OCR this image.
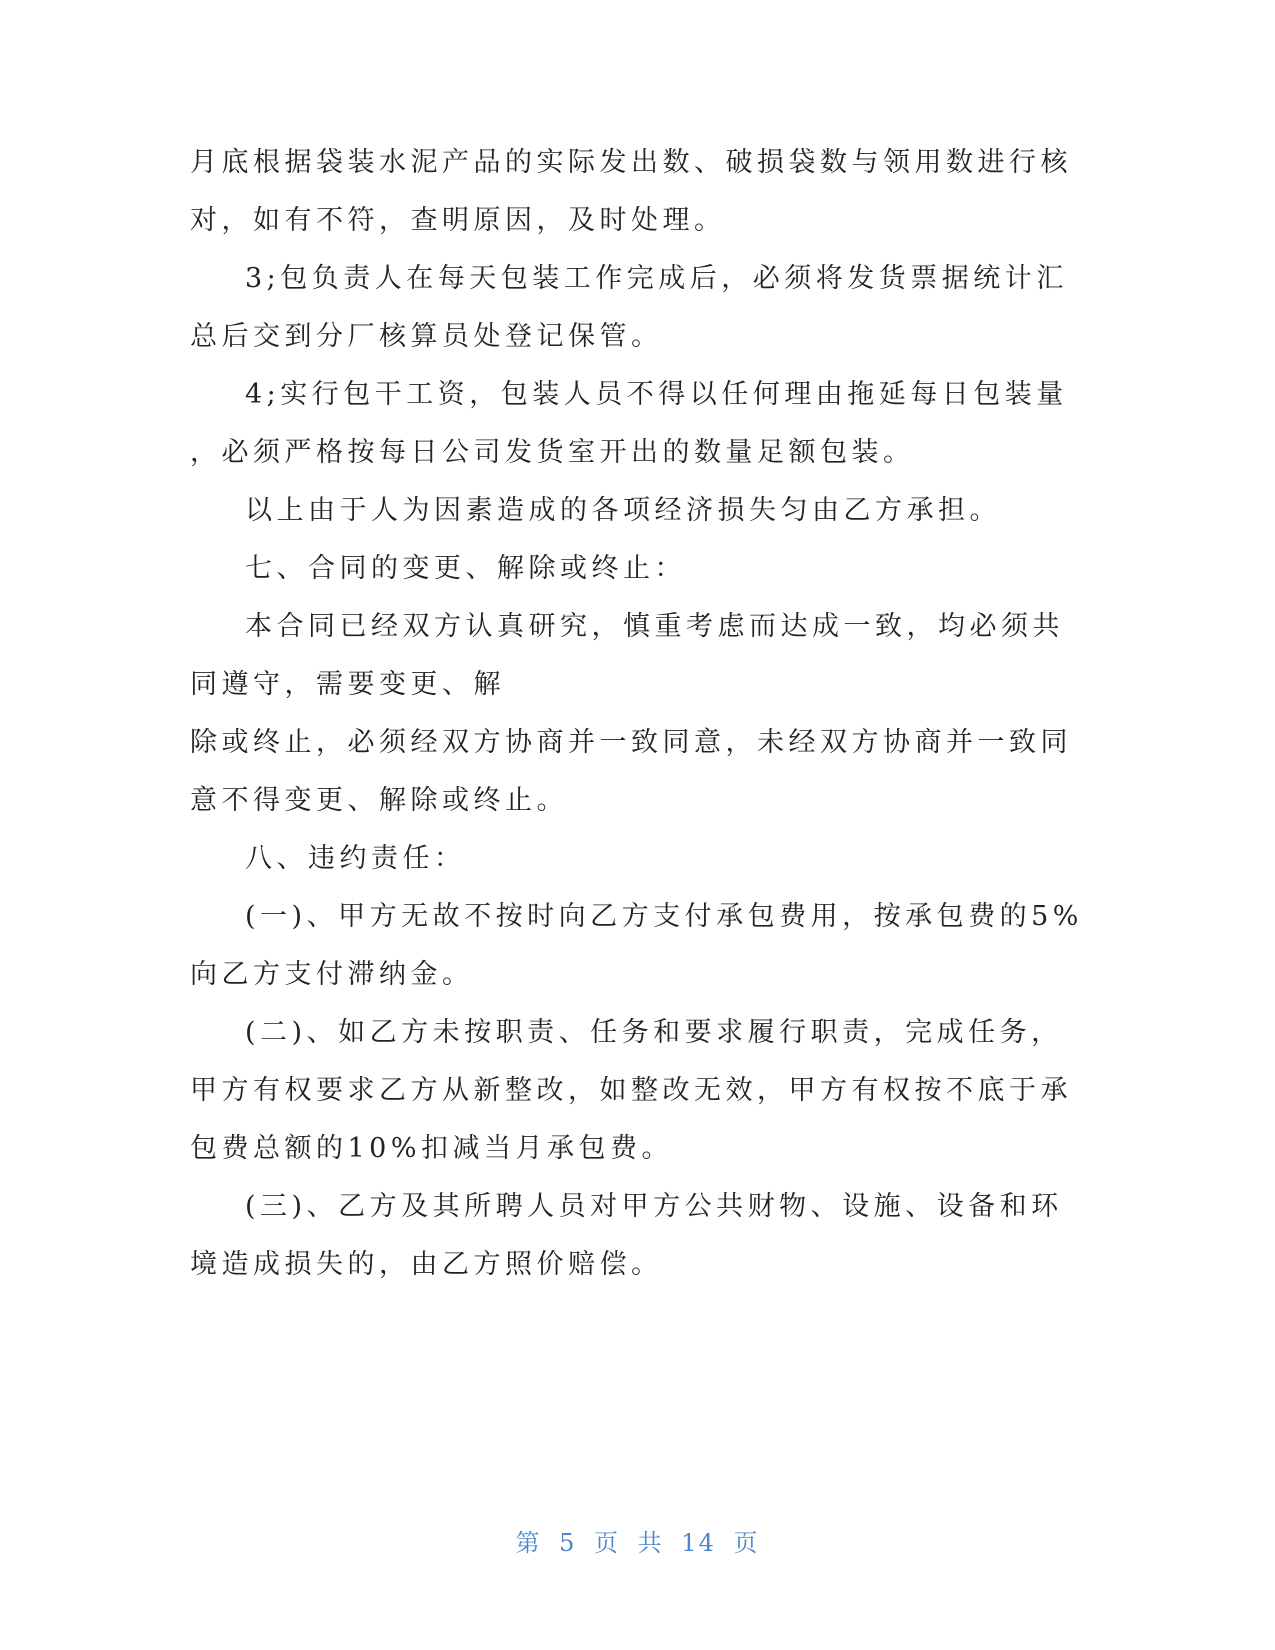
月底根据袋装水泥产品的实际发出数、破损袋数与领用数进行核
对，如有不符，查明原因，及时处理。
3;包负责人在每天包装工作完成后，必须将发货票据统计汇
总后交到分厂核算员处登记保管。
4;实行包干工资，包装人员不得以任何理由拖延每日包装量
，必须严格按每日公司发货室开出的数量足额包装。
以上由于人为因素造成的各项经济损失匀由乙方承担。
七、合同的变更、解除或终止：
本合同已经双方认真研究，慎重考虑而达成一致，均必须共
同遵守，需要变更、解
除或终止，必须经双方协商并一致同意，未经双方协商并一致同
意不得变更、解除或终止。
八、违约责任：
(一)、甲方无故不按时向乙方支付承包费用，按承包费的5%
向乙方支付滞纳金。
(二)、如乙方未按职责、任务和要求履行职责，完成任务，
甲方有权要求乙方从新整改，如整改无效，甲方有权按不底于承
包费总额的10%扣减当月承包费。
(三)、乙方及其所聘人员对甲方公共财物、设施、设备和环
境造成损失的，由乙方照价赔偿。
第 5 页 共 14 页
